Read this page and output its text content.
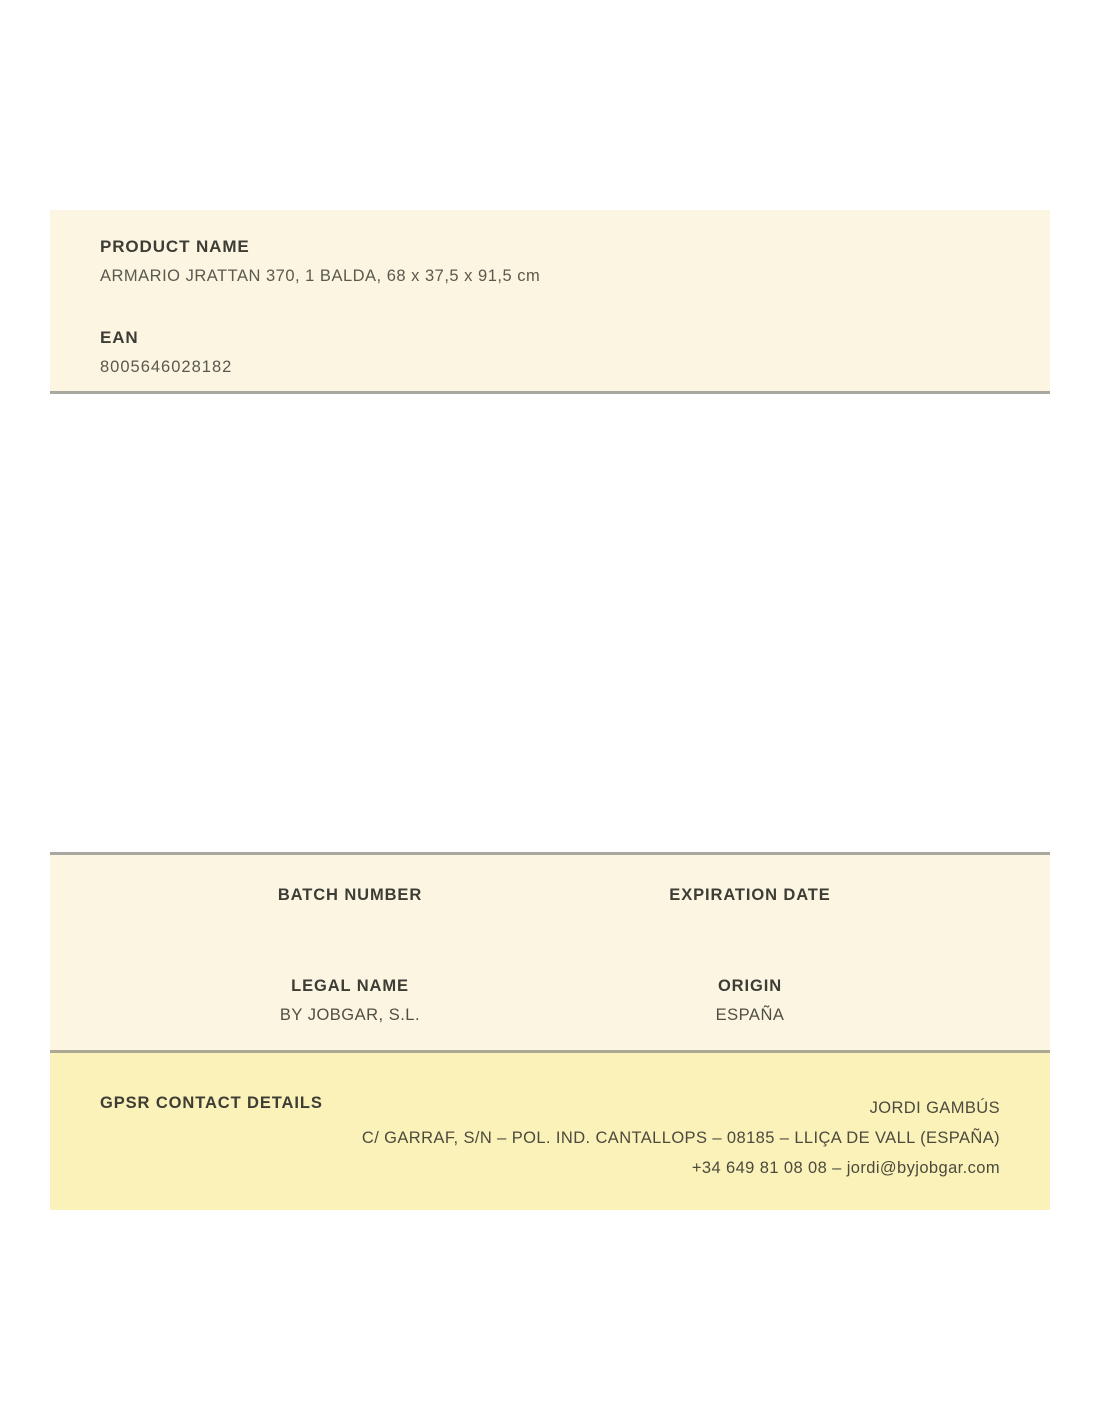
PRODUCT NAME
ARMARIO JRATTAN 370, 1 BALDA, 68 x 37,5 x 91,5 cm
EAN
8005646028182
BATCH NUMBER	EXPIRATION DATE
LEGAL NAME
BY JOBGAR, S.L.
ORIGIN
ESPAÑA
GPSR CONTACT DETAILS	JORDI GAMBÚS
C/ GARRAF, S/N – POL. IND. CANTALLOPS – 08185 – LLIÇA DE VALL (ESPAÑA)
+34 649 81 08 08 – jordi@byjobgar.com
